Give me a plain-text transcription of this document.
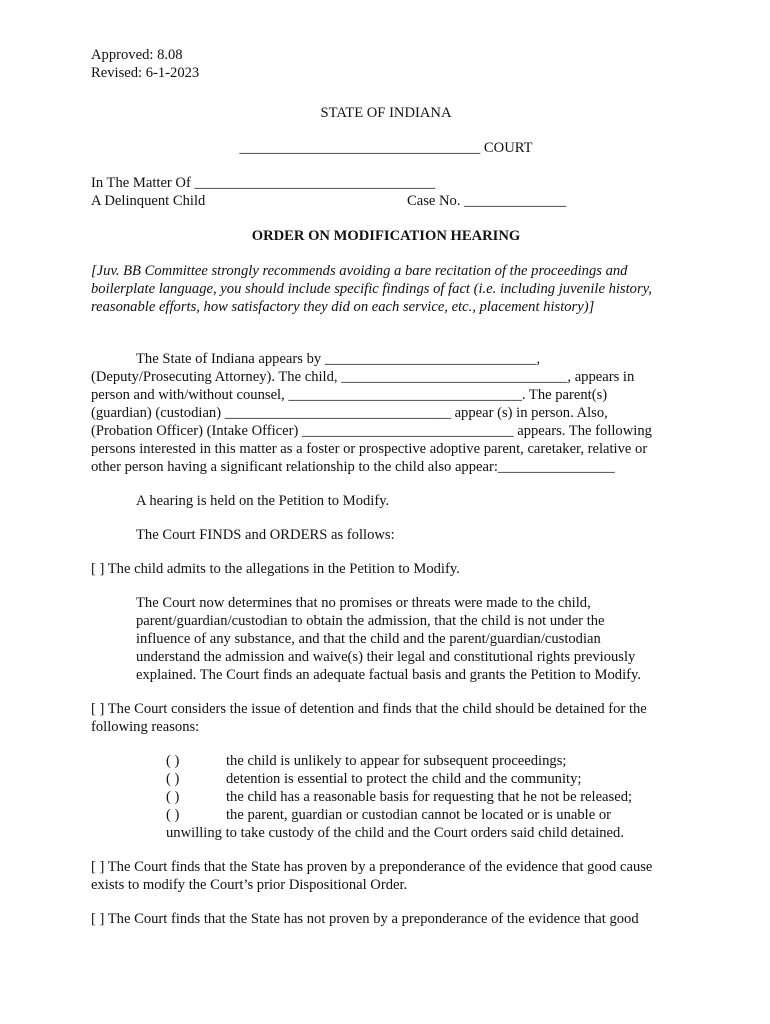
Approved: 8.08
Revised: 6-1-2023
STATE OF INDIANA
_________________________________ COURT
In The Matter Of _________________________________
A Delinquent Child	Case No. ______________
ORDER ON MODIFICATION HEARING

[Juv. BB Committee strongly recommends avoiding a bare recitation of the proceedings and boilerplate language, you should include specific findings of fact (i.e. including juvenile history, reasonable efforts, how satisfactory they did on each service, etc., placement history)]

The State of Indiana appears by _____________________________,
(Deputy/Prosecuting Attorney). The child, _______________________________, appears in
person and with/without counsel, ________________________________. The parent(s)
(guardian) (custodian) _______________________________ appear (s) in person. Also,
(Probation Officer) (Intake Officer) _____________________________ appears. The following
persons interested in this matter as a foster or prospective adoptive parent, caretaker, relative or
other person having a significant relationship to the child also appear:________________
A hearing is held on the Petition to Modify.
The Court FINDS and ORDERS as follows:
[ ] The child admits to the allegations in the Petition to Modify.
The Court now determines that no promises or threats were made to the child,
parent/guardian/custodian to obtain the admission, that the child is not under the
influence of any substance, and that the child and the parent/guardian/custodian
understand the admission and waive(s) their legal and constitutional rights previously
explained. The Court finds an adequate factual basis and grants the Petition to Modify.
[ ] The Court considers the issue of detention and finds that the child should be detained for the
following reasons:
( )	the child is unlikely to appear for subsequent proceedings;
( )	detention is essential to protect the child and the community;
( )	the child has a reasonable basis for requesting that he not be released;
( )	the parent, guardian or custodian cannot be located or is unable or
unwilling to take custody of the child and the Court orders said child detained.
[ ] The Court finds that the State has proven by a preponderance of the evidence that good cause
exists to modify the Court’s prior Dispositional Order.
[ ] The Court finds that the State has not proven by a preponderance of the evidence that good
